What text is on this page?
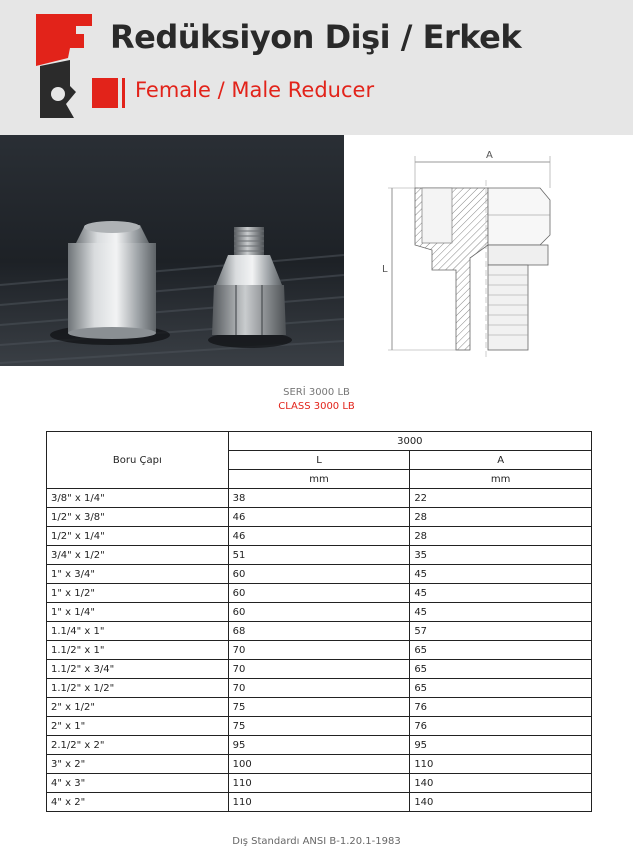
Redüksiyon Dişi / Erkek
Female / Male Reducer
A
L
SERİ 3000 LB
CLASS 3000 LB
Boru Çapı	3000	
	L	A
	mm	mm
3/8" x 1/4"	38	22
1/2" x 3/8"	46	28
1/2" x 1/4"	46	28
3/4" x 1/2"	51	35
1" x 3/4"	60	45
1" x 1/2"	60	45
1" x 1/4"	60	45
1.1/4" x 1"	68	57
1.1/2" x 1"	70	65
1.1/2" x 3/4"	70	65
1.1/2" x 1/2"	70	65
2" x 1/2"	75	76
2" x 1"	75	76
2.1/2" x 2"	95	95
3" x 2"	100	110
4" x 3"	110	140
4" x 2"	110	140
Dış Standardı ANSI B-1.20.1-1983
